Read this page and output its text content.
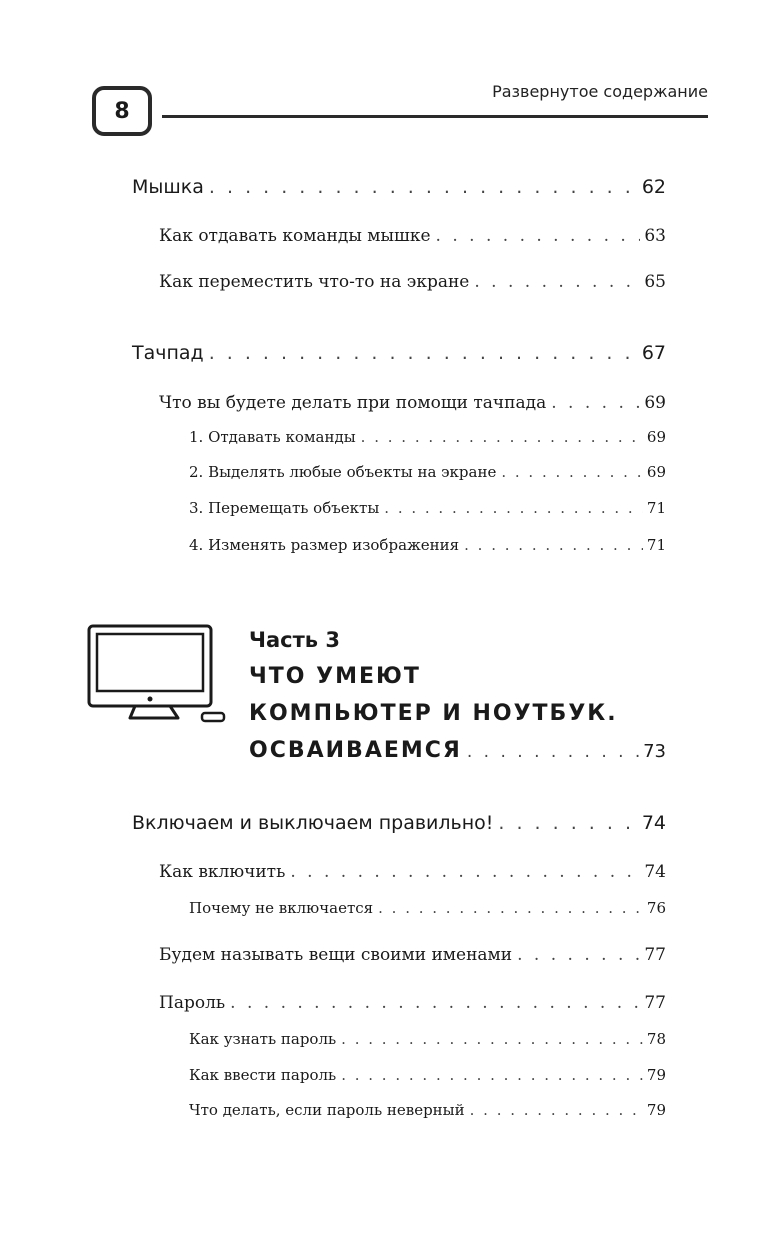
8
Развернутое содержание
Мышка . . .	62
Как отдавать команды мышке . . .	63
Как переместить что-то на экране . . .	65
Тачпад . . .	67
Что вы будете делать при помощи тачпада . . .	69
1. Отдавать команды . . .	69
2. Выделять любые объекты на экране . . .	69
3. Перемещать объекты . . .	71
4. Изменять размер изображения . . .	71
Часть 3
ЧТО УМЕЮТ
КОМПЬЮТЕР И НОУТБУК.
ОСВАИВАЕМСЯ . . .	73
Включаем и выключаем правильно! . . .	74
Как включить . . .	74
Почему не включается . . .	76
Будем называть вещи своими именами . . .	77
Пароль . . .	77
Как узнать пароль . . .	78
Как ввести пароль . . .	79
Что делать, если пароль неверный . . .	79
